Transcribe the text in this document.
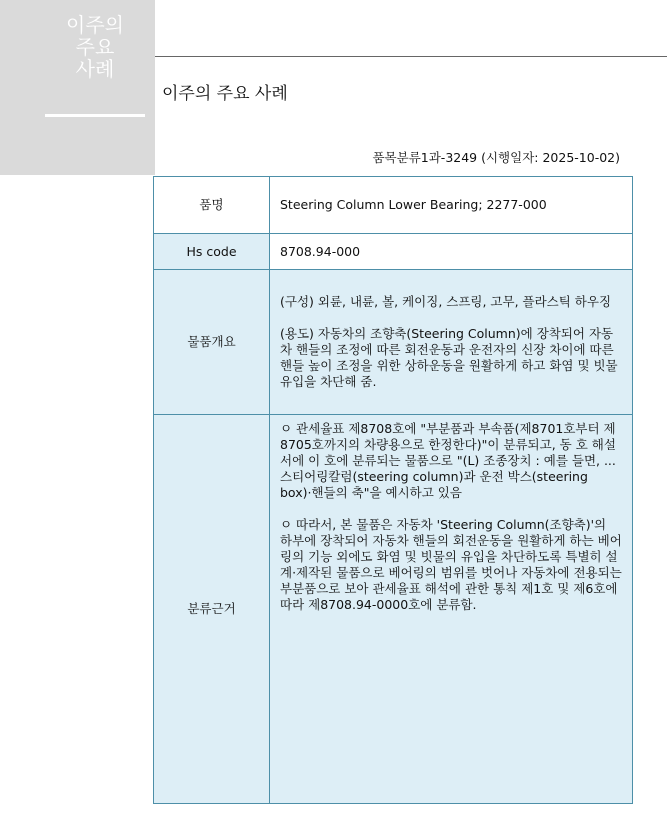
이주의
주요
사례
이주의 주요 사례
품목분류1과-3249 (시행일자: 2025-10-02)
품명	Steering Column Lower Bearing; 2277-000
Hs code	8708.94-000
물품개요	(구성) 외륜, 내륜, 볼, 케이징, 스프링, 고무, 플라스틱 하우징

(용도) 자동차의 조향축(Steering Column)에 장착되어 자동차 핸들의 조정에 따른 회전운동과 운전자의 신장 차이에 따른 핸들 높이 조정을 위한 상하운동을 원활하게 하고 화염 및 빗물 유입을 차단해 줌.

분류근거	ㅇ 관세율표 제8708호에 "부분품과 부속품(제8701호부터 제8705호까지의 차량용으로 한정한다)"이 분류되고, 동 호 해설서에 이 호에 분류되는 물품으로 "(L) 조종장치 : 예를 들면, ... 스티어링칼럼(steering column)과 운전 박스(steering box)·핸들의 축"을 예시하고 있음

ㅇ 따라서, 본 물품은 자동차 'Steering Column(조향축)'의 하부에 장착되어 자동차 핸들의 회전운동을 원활하게 하는 베어링의 기능 외에도 화염 및 빗물의 유입을 차단하도록 특별히 설계·제작된 물품으로 베어링의 범위를 벗어나 자동차에 전용되는 부분품으로 보아 관세율표 해석에 관한 통칙 제1호 및 제6호에 따라 제8708.94-0000호에 분류함.
